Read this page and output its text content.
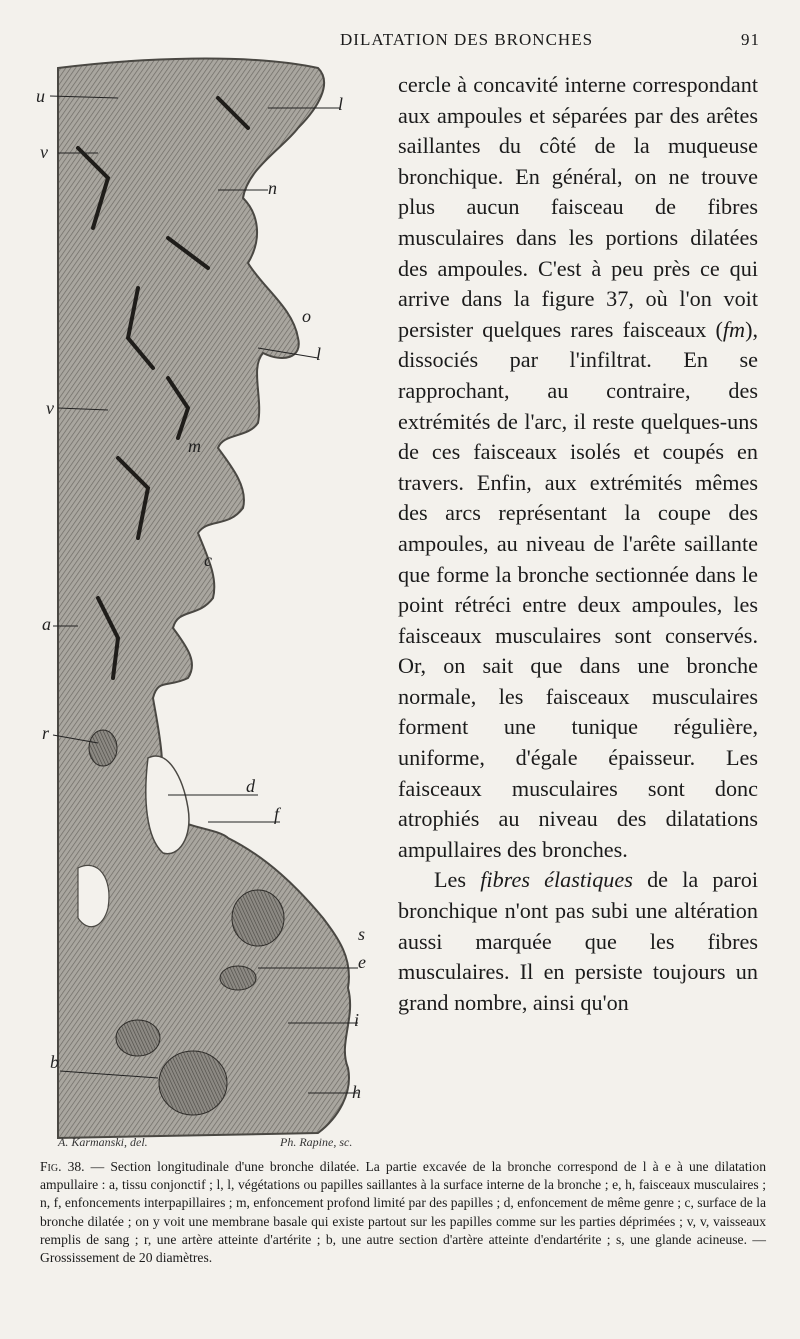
DILATATION DES BRONCHES	91
u
v
l
n
o
l
v
m
c
a
r
d
f
s
e
i
b
h
A. Karmanski, del.	Ph. Rapine, sc.

cercle à concavité interne correspondant aux ampoules et séparées par des arêtes saillantes du côté de la muqueuse bronchique. En général, on ne trouve plus aucun faisceau de fibres musculaires dans les portions dilatées des ampoules. C'est à peu près ce qui arrive dans la figure 37, où l'on voit persister quelques rares faisceaux (fm), dissociés par l'infiltrat. En se rapprochant, au contraire, des extrémités de l'arc, il reste quelques-uns de ces faisceaux isolés et coupés en travers. Enfin, aux extrémités mêmes des arcs représentant la coupe des ampoules, au niveau de l'arête saillante que forme la bronche sectionnée dans le point rétréci entre deux ampoules, les faisceaux musculaires sont conservés. Or, on sait que dans une bronche normale, les faisceaux musculaires forment une tunique régulière, uniforme, d'égale épaisseur. Les faisceaux musculaires sont donc atrophiés au niveau des dilatations ampullaires des bronches.

Les fibres élastiques de la paroi bronchique n'ont pas subi une altération aussi marquée que les fibres musculaires. Il en persiste toujours un grand nombre, ainsi qu'on

Fig. 38. — Section longitudinale d'une bronche dilatée. La partie excavée de la bronche correspond de l à e à une dilatation ampullaire : a, tissu conjonctif ; l, l, végétations ou papilles saillantes à la surface interne de la bronche ; e, h, faisceaux musculaires ; n, f, enfoncements interpapillaires ; m, enfoncement profond limité par des papilles ; d, enfoncement de même genre ; c, surface de la bronche dilatée ; on y voit une membrane basale qui existe partout sur les papilles comme sur les parties déprimées ; v, v, vaisseaux remplis de sang ; r, une artère atteinte d'artérite ; b, une autre section d'artère atteinte d'endartérite ; s, une glande acineuse. — Grossissement de 20 diamètres.
